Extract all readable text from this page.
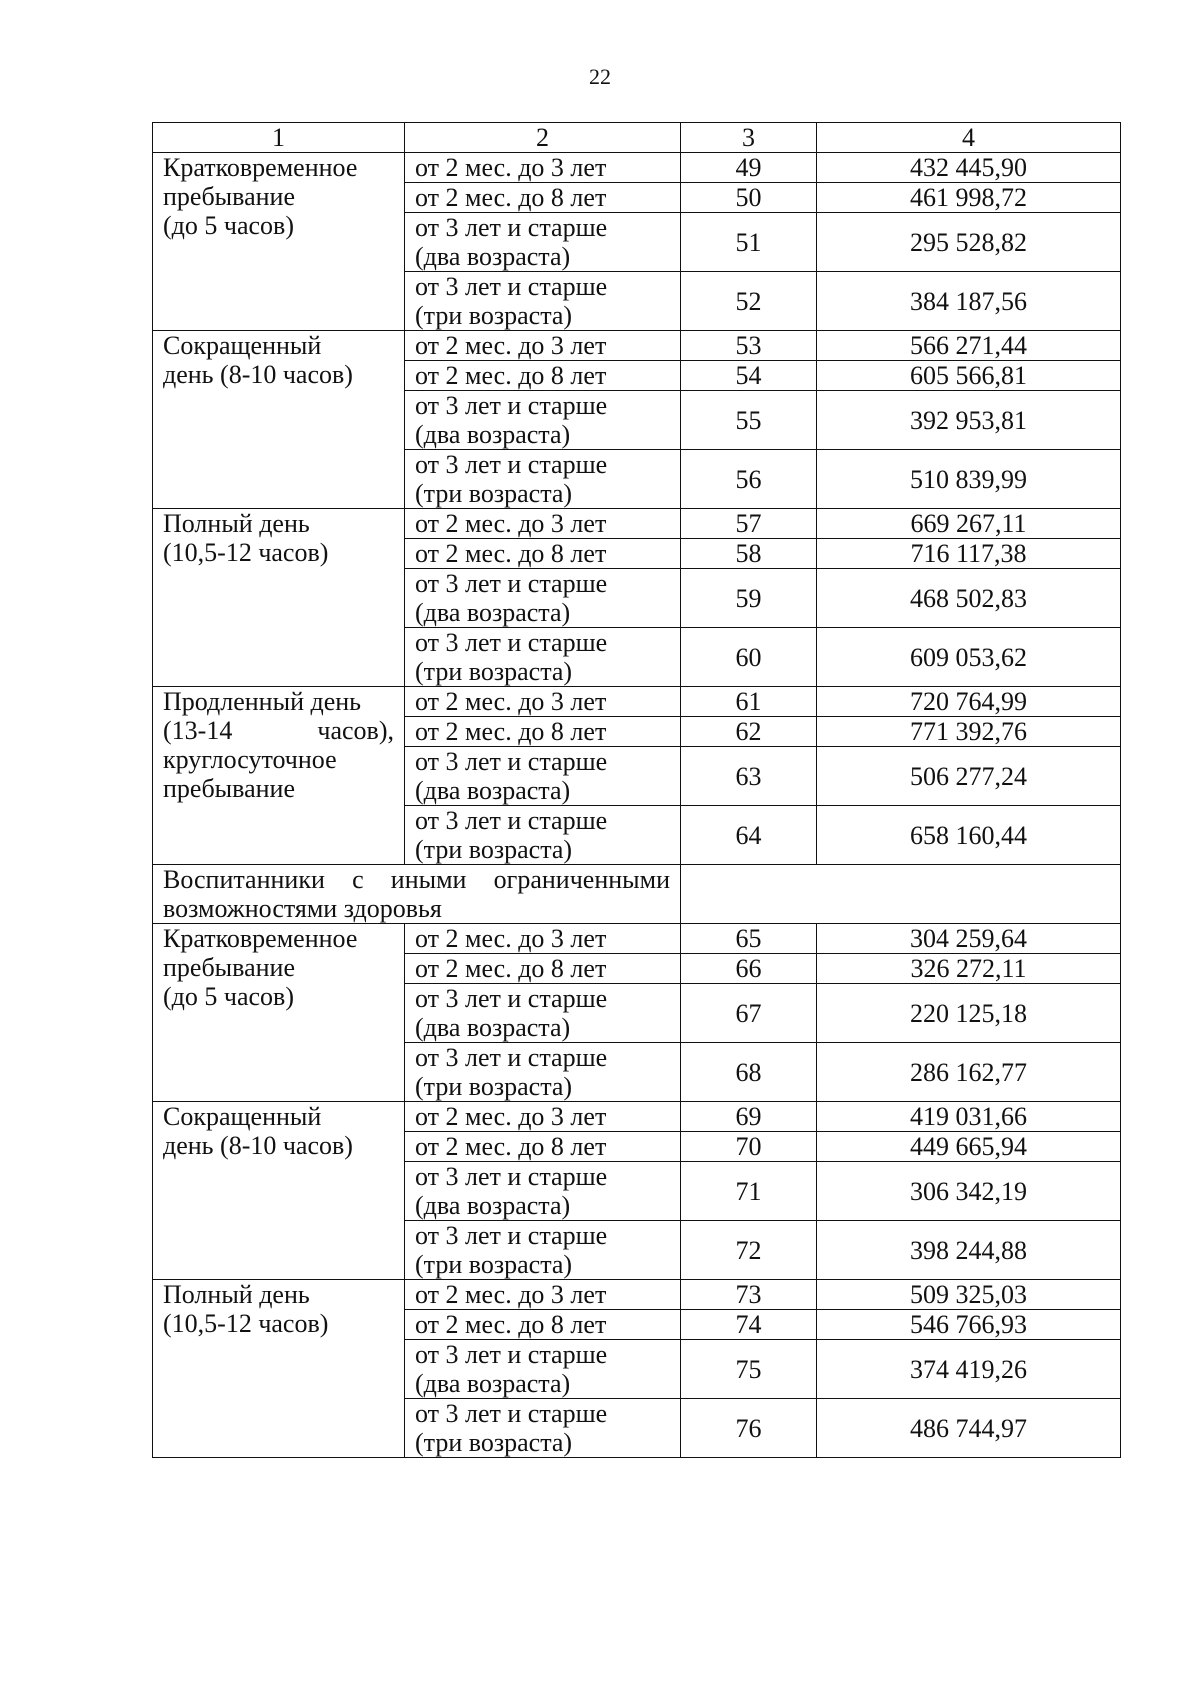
22
1	2	3	4

Кратковременное
пребывание
(до 5 часов)	от 2 мес. до 3 лет	49	432 445,90

	от 2 мес. до 8 лет	50	461 998,72

	от 3 лет и старше
(два возраста)	51	295 528,82

	от 3 лет и старше
(три возраста)	52	384 187,56

Сокращенный
день (8-10 часов)	от 2 мес. до 3 лет	53	566 271,44

	от 2 мес. до 8 лет	54	605 566,81

	от 3 лет и старше
(два возраста)	55	392 953,81

	от 3 лет и старше
(три возраста)	56	510 839,99

Полный день
(10,5-12 часов)	от 2 мес. до 3 лет	57	669 267,11

	от 2 мес. до 8 лет	58	716 117,38

	от 3 лет и старше
(два возраста)	59	468 502,83

	от 3 лет и старше
(три возраста)	60	609 053,62

Продленный день
(13-14 часов),
круглосуточное
пребывание	от 2 мес. до 3 лет	61	720 764,99

	от 2 мес. до 8 лет	62	771 392,76

	от 3 лет и старше
(два возраста)	63	506 277,24

	от 3 лет и старше
(три возраста)	64	658 160,44
Воспитанники с иными ограниченными возможностями здоровья			

Кратковременное
пребывание
(до 5 часов)	от 2 мес. до 3 лет	65	304 259,64

	от 2 мес. до 8 лет	66	326 272,11

	от 3 лет и старше
(два возраста)	67	220 125,18

	от 3 лет и старше
(три возраста)	68	286 162,77

Сокращенный
день (8-10 часов)	от 2 мес. до 3 лет	69	419 031,66

	от 2 мес. до 8 лет	70	449 665,94

	от 3 лет и старше
(два возраста)	71	306 342,19

	от 3 лет и старше
(три возраста)	72	398 244,88

Полный день
(10,5-12 часов)	от 2 мес. до 3 лет	73	509 325,03

	от 2 мес. до 8 лет	74	546 766,93

	от 3 лет и старше
(два возраста)	75	374 419,26

	от 3 лет и старше
(три возраста)	76	486 744,97
